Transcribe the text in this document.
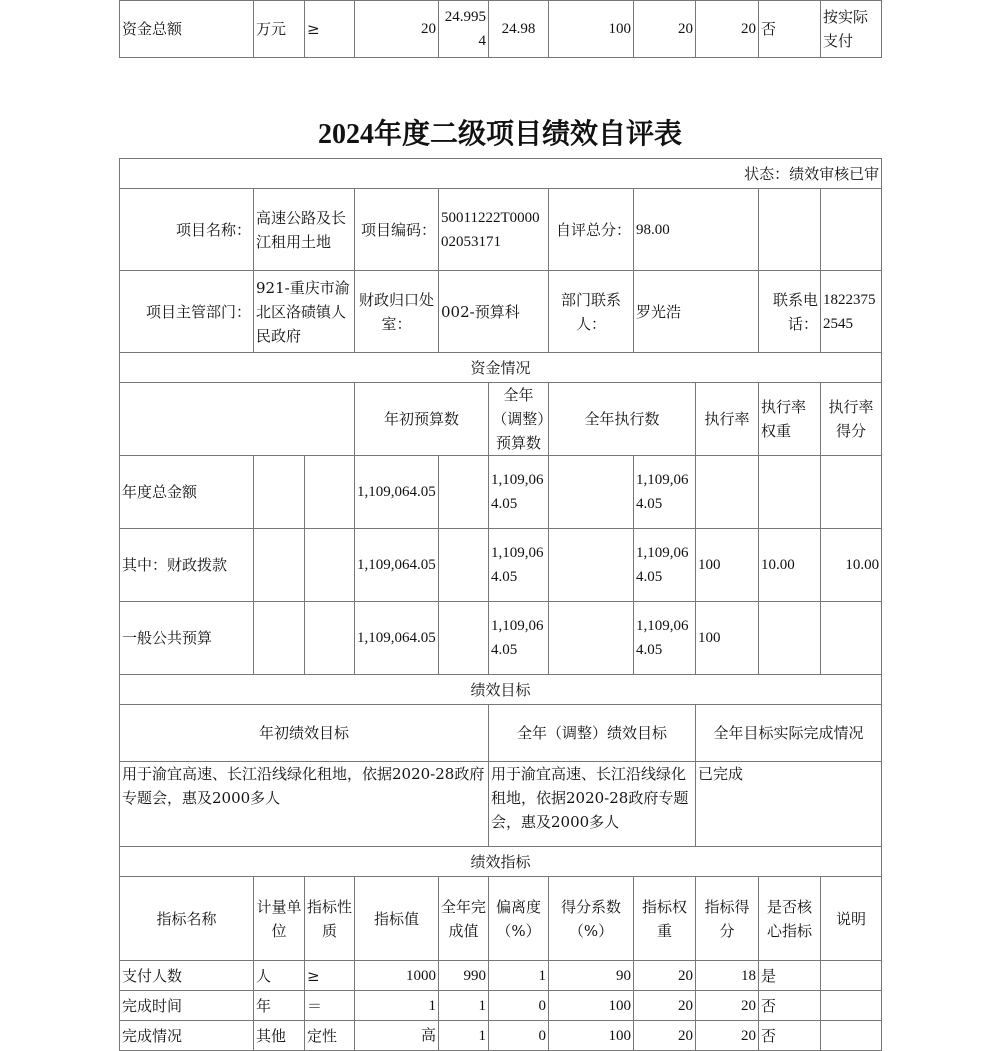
资金总额	万元	≥	20	24.9954	24.98	100	20	20	否	按实际支付
2024年度二级项目绩效自评表
状态：绩效审核已审										
项目名称：	高速公路及长江租用土地		项目编码：	50011222T000002053171		自评总分：	98.00			
项目主管部门：	921-重庆市渝北区洛碛镇人民政府		财政归口处室：	002-预算科		部门联系人：	罗光浩		联系电话：	18223752545
资金情况										
			年初预算数		全年（调整）预算数	全年执行数		执行率	执行率权重	执行率得分
年度总金额			1,109,064.05		1,109,064.05		1,109,064.05			
其中：财政拨款			1,109,064.05		1,109,064.05		1,109,064.05	100	10.00	10.00
一般公共预算			1,109,064.05		1,109,064.05		1,109,064.05	100		
绩效目标										
年初绩效目标					全年（调整）绩效目标			全年目标实际完成情况		
用于渝宜高速、长江沿线绿化租地，依据2020-28政府专题会，惠及2000多人					用于渝宜高速、长江沿线绿化租地，依据2020-28政府专题会，惠及2000多人			已完成		
绩效指标										
指标名称	计量单位	指标性质	指标值	全年完成值	偏离度（%）	得分系数（%）	指标权重	指标得分	是否核心指标	说明
支付人数	人	≥	1000	990	1	90	20	18	是	
完成时间	年	＝	1	1	0	100	20	20	否	
完成情况	其他	定性	高	1	0	100	20	20	否	
